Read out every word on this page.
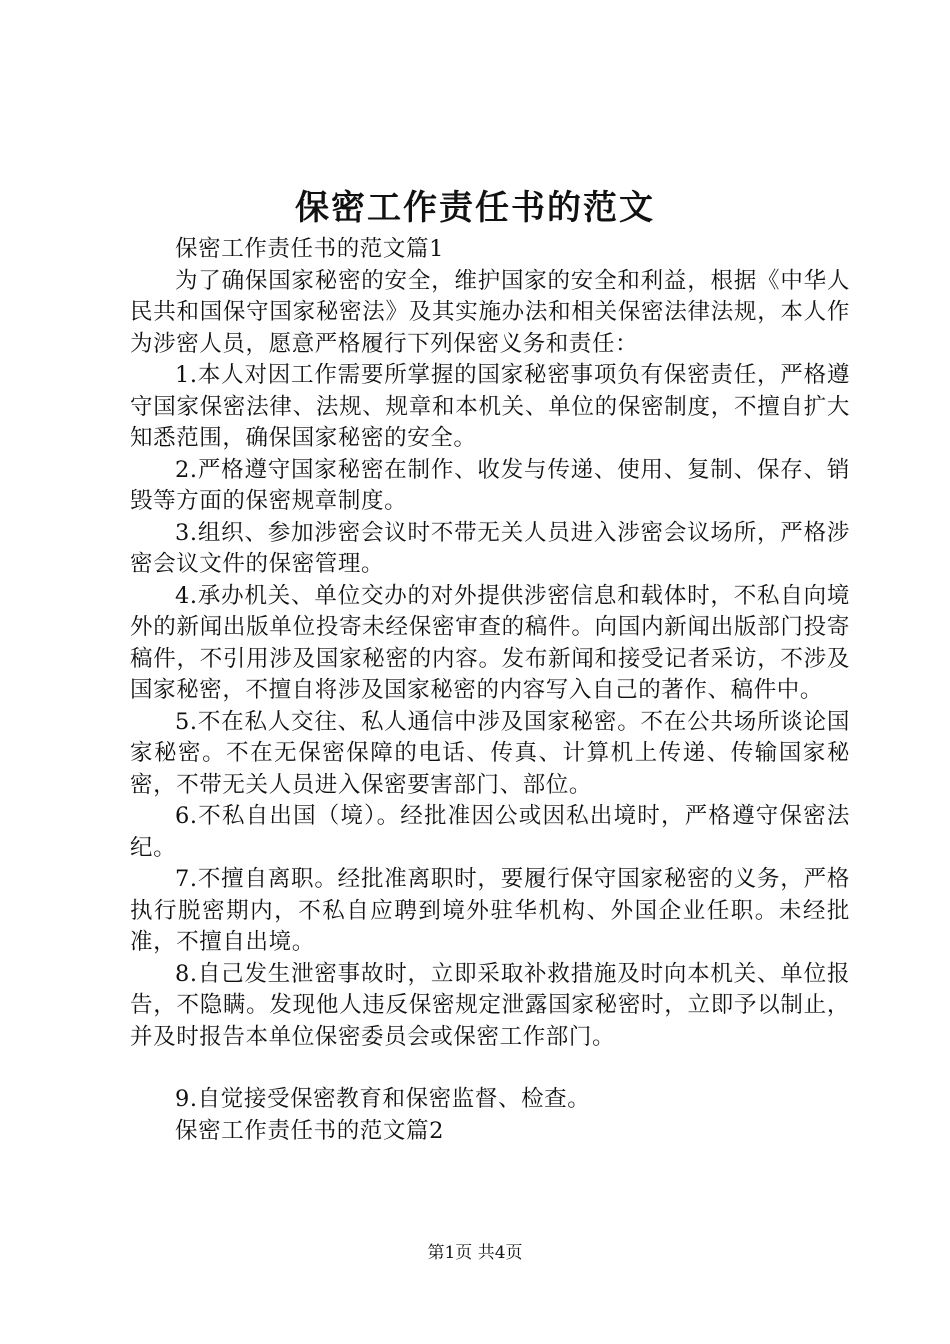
保密工作责任书的范文

保密工作责任书的范文篇1

为了确保国家秘密的安全，维护国家的安全和利益，根据《中华人民共和国保守国家秘密法》及其实施办法和相关保密法律法规，本人作为涉密人员，愿意严格履行下列保密义务和责任：

1.本人对因工作需要所掌握的国家秘密事项负有保密责任，严格遵守国家保密法律、法规、规章和本机关、单位的保密制度，不擅自扩大知悉范围，确保国家秘密的安全。

2.严格遵守国家秘密在制作、收发与传递、使用、复制、保存、销毁等方面的保密规章制度。

3.组织、参加涉密会议时不带无关人员进入涉密会议场所，严格涉密会议文件的保密管理。

4.承办机关、单位交办的对外提供涉密信息和载体时，不私自向境外的新闻出版单位投寄未经保密审查的稿件。向国内新闻出版部门投寄稿件，不引用涉及国家秘密的内容。发布新闻和接受记者采访，不涉及国家秘密，不擅自将涉及国家秘密的内容写入自己的著作、稿件中。

5.不在私人交往、私人通信中涉及国家秘密。不在公共场所谈论国家秘密。不在无保密保障的电话、传真、计算机上传递、传输国家秘密，不带无关人员进入保密要害部门、部位。

6.不私自出国（境）。经批准因公或因私出境时，严格遵守保密法纪。

7.不擅自离职。经批准离职时，要履行保守国家秘密的义务，严格执行脱密期内，不私自应聘到境外驻华机构、外国企业任职。未经批准，不擅自出境。

8.自己发生泄密事故时，立即采取补救措施及时向本机关、单位报告，不隐瞒。发现他人违反保密规定泄露国家秘密时，立即予以制止，并及时报告本单位保密委员会或保密工作部门。

9.自觉接受保密教育和保密监督、检查。

保密工作责任书的范文篇2

第1页 共4页
